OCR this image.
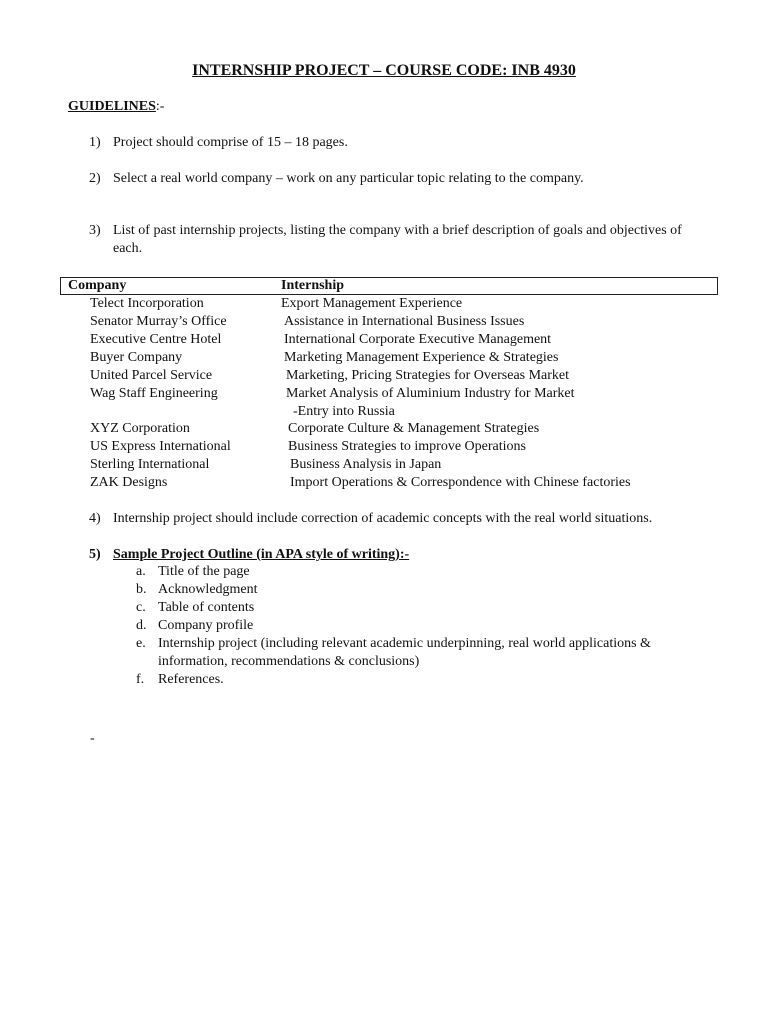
INTERNSHIP PROJECT – COURSE CODE: INB 4930
GUIDELINES:-
1) Project should comprise of 15 – 18 pages.
2) Select a real world company – work on any particular topic relating to the company.
3) List of past internship projects, listing the company with a brief description of goals and objectives of each.
Company	Internship
Telect Incorporation	Export Management Experience
Senator Murray’s Office	Assistance in International Business Issues
Executive Centre Hotel	International Corporate Executive Management
Buyer Company	Marketing Management Experience & Strategies
United Parcel Service	Marketing, Pricing Strategies for Overseas Market
Wag Staff Engineering	Market Analysis of Aluminium Industry for Market
-Entry into Russia
XYZ Corporation	Corporate Culture & Management Strategies
US Express International	Business Strategies to improve Operations
Sterling International	Business Analysis in Japan
ZAK Designs	Import Operations & Correspondence with Chinese factories
4) Internship project should include correction of academic concepts with the real world situations.
5) Sample Project Outline (in APA style of writing):-
a. Title of the page
b. Acknowledgment
c. Table of contents
d. Company profile
e. Internship project (including relevant academic underpinning, real world applications &
information, recommendations & conclusions)
f. References.
-
